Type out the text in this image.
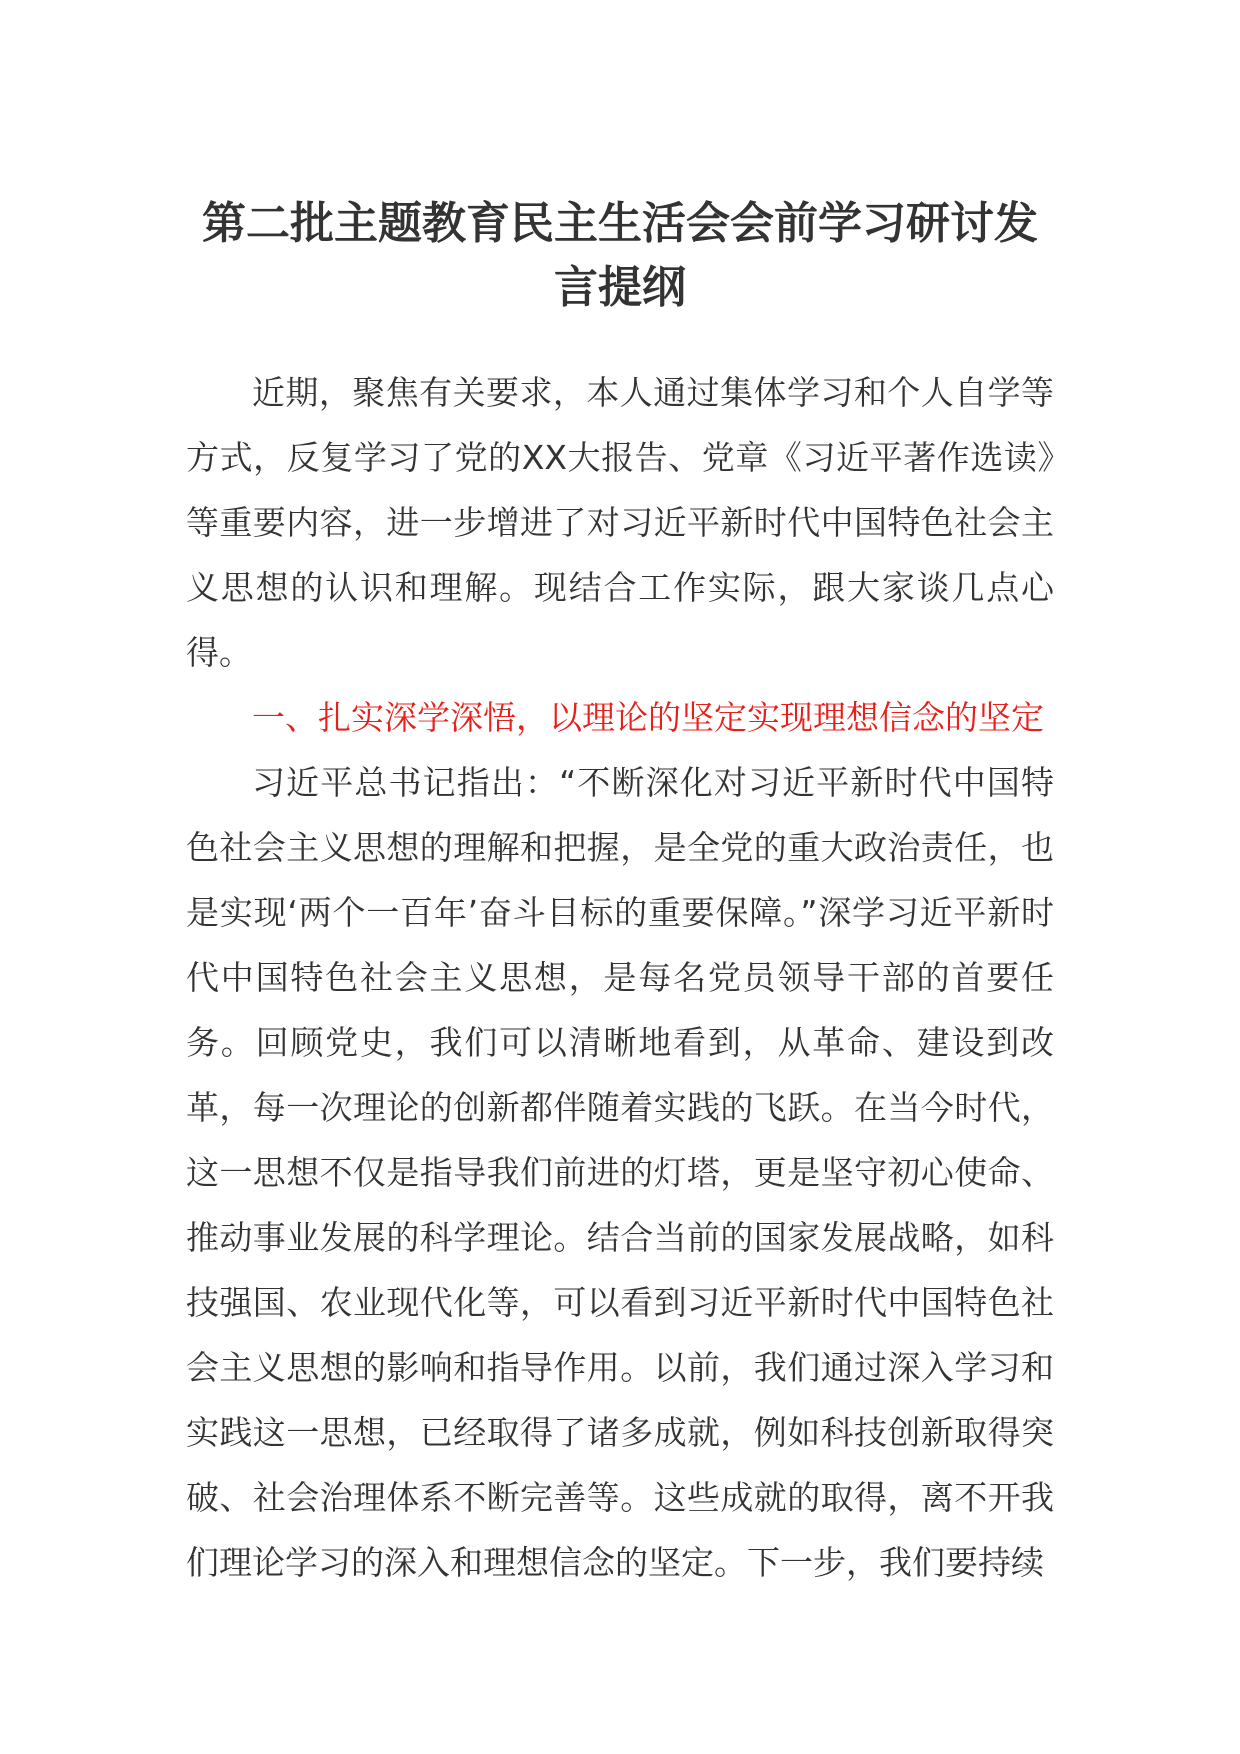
第二批主题教育民主生活会会前学习研讨发言提纲

近期，聚焦有关要求，本人通过集体学习和个人自学等方式，反复学习了党的XX大报告、党章《习近平著作选读》等重要内容，进一步增进了对习近平新时代中国特色社会主义思想的认识和理解。现结合工作实际，跟大家谈几点心得。

一、扎实深学深悟，以理论的坚定实现理想信念的坚定

习近平总书记指出：“不断深化对习近平新时代中国特色社会主义思想的理解和把握，是全党的重大政治责任，也是实现‘两个一百年’奋斗目标的重要保障。”深学习近平新时代中国特色社会主义思想，是每名党员领导干部的首要任务。回顾党史，我们可以清晰地看到，从革命、建设到改革，每一次理论的创新都伴随着实践的飞跃。在当今时代，这一思想不仅是指导我们前进的灯塔，更是坚守初心使命、推动事业发展的科学理论。结合当前的国家发展战略，如科技强国、农业现代化等，可以看到习近平新时代中国特色社会主义思想的影响和指导作用。以前，我们通过深入学习和实践这一思想，已经取得了诸多成就，例如科技创新取得突破、社会治理体系不断完善等。这些成就的取得，离不开我们理论学习的深入和理想信念的坚定。下一步，我们要持续
